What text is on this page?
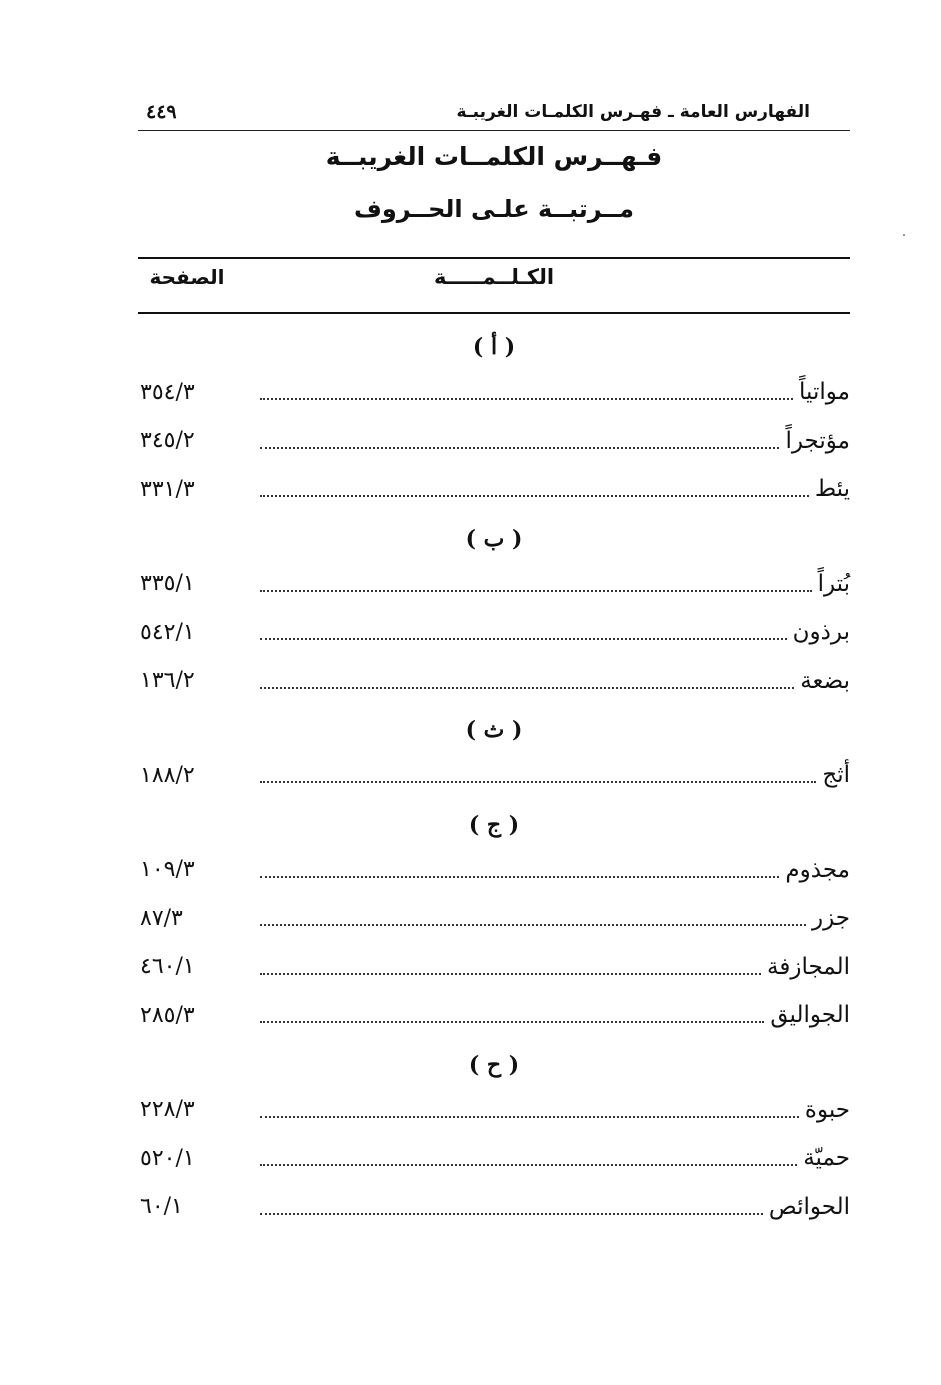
الفهارس العامة ـ فهـرس الكلمـات الغريبـة
٤٤٩
فـهــرس الكلمــات الغريبــة
مــرتبــة علـى الحــروف
الكـلــمـــــة
الصفحة
( أ )
مواتياً
٣٥٤/٣
مؤتجراً
٣٤٥/٢
يئط
٣٣١/٣
( ب )
بُتراً
٣٣٥/١
برذون
٥٤٢/١
بضعة
١٣٦/٢
( ث )
أثج
١٨٨/٢
( ج )
مجذوم
١٠٩/٣
جزر
٨٧/٣
المجازفة
٤٦٠/١
الجواليق
٢٨٥/٣
( ح )
حبوة
٢٢٨/٣
حميّة
٥٢٠/١
الحوائص
٦٠/١
